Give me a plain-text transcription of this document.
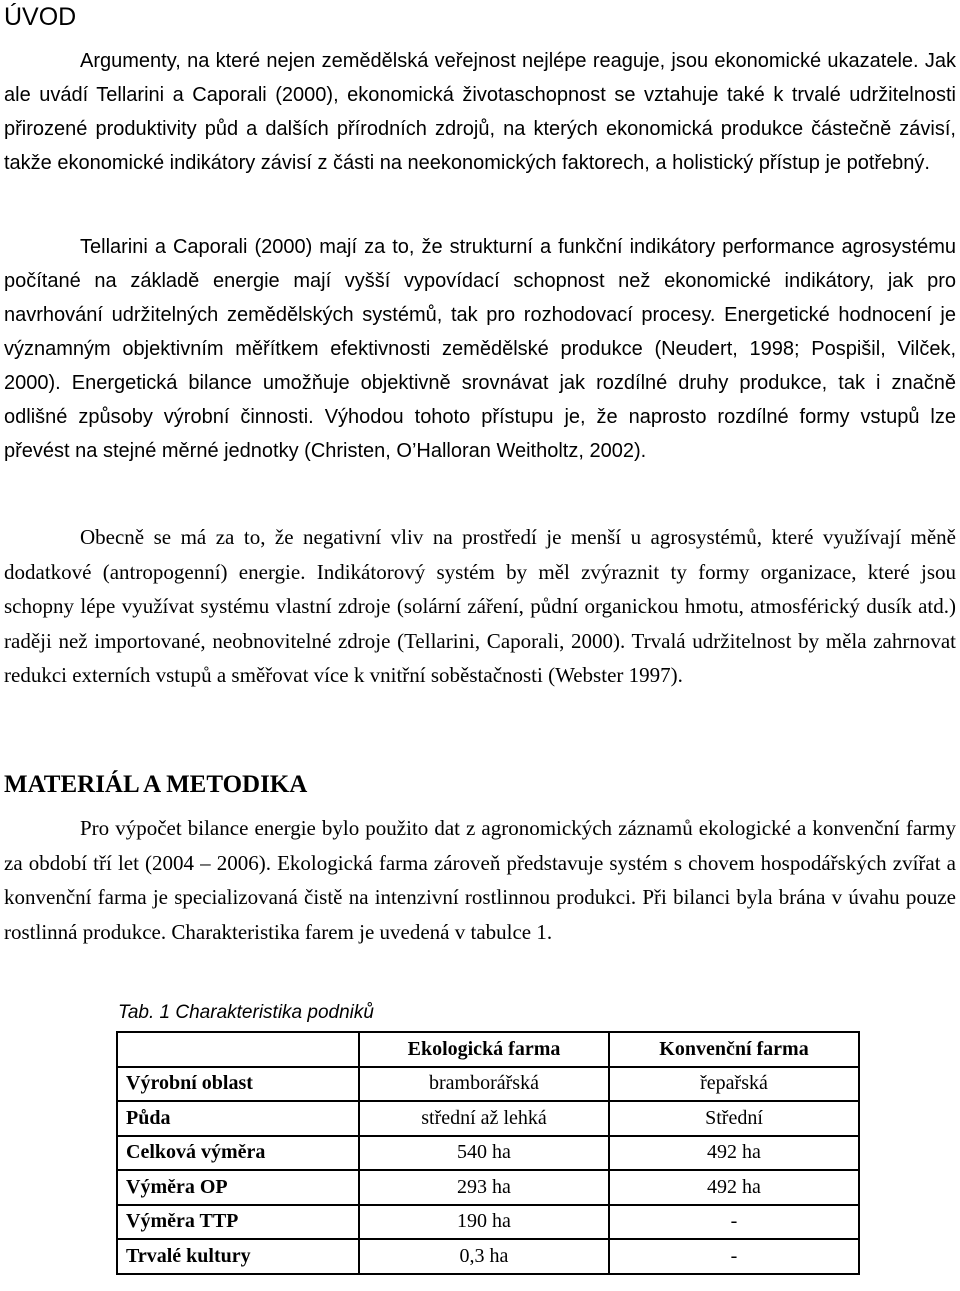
ÚVOD

Argumenty, na které nejen zemědělská veřejnost nejlépe reaguje, jsou ekonomické ukazatele. Jak ale uvádí Tellarini a Caporali (2000), ekonomická životaschopnost se vztahuje také k trvalé udržitelnosti přirozené produktivity půd a dalších přírodních zdrojů, na kterých ekonomická produkce částečně závisí, takže ekonomické indikátory závisí z části na neekonomických faktorech, a holistický přístup je potřebný.

Tellarini a Caporali (2000) mají za to, že strukturní a funkční indikátory performance agrosystému počítané na základě energie mají vyšší vypovídací schopnost než ekonomické indikátory, jak pro navrhování udržitelných zemědělských systémů, tak pro rozhodovací procesy. Energetické hodnocení je významným objektivním měřítkem efektivnosti zemědělské produkce (Neudert, 1998; Pospišil, Vilček, 2000). Energetická bilance umožňuje objektivně srovnávat jak rozdílné druhy produkce, tak i značně odlišné způsoby výrobní činnosti. Výhodou tohoto přístupu je, že naprosto rozdílné formy vstupů lze převést na stejné měrné jednotky (Christen, O’Halloran Weitholtz, 2002).

Obecně se má za to, že negativní vliv na prostředí je menší u agrosystémů, které využívají měně dodatkové (antropogenní) energie. Indikátorový systém by měl zvýraznit ty formy organizace, které jsou schopny lépe využívat systému vlastní zdroje (solární záření, půdní organickou hmotu, atmosférický dusík atd.) raději než importované, neobnovitelné zdroje (Tellarini, Caporali, 2000). Trvalá udržitelnost by měla zahrnovat redukci externích vstupů a směřovat více k vnitřní soběstačnosti (Webster 1997).

MATERIÁL A METODIKA

Pro výpočet bilance energie bylo použito dat z agronomických záznamů ekologické a konvenční farmy za období tří let (2004 – 2006). Ekologická farma zároveň představuje systém s chovem hospodářských zvířat a konvenční farma je specializovaná čistě na intenzivní rostlinnou produkci. Při bilanci byla brána v úvahu pouze rostlinná produkce. Charakteristika farem je uvedená v tabulce 1.

Tab. 1 Charakteristika podniků

	Ekologická farma	Konvenční farma
Výrobní oblast	bramborářská	řepařská
Půda	střední až lehká	Střední
Celková výměra	540 ha	492 ha
Výměra OP	293 ha	492 ha
Výměra TTP	190 ha	-
Trvalé kultury	0,3 ha	-
